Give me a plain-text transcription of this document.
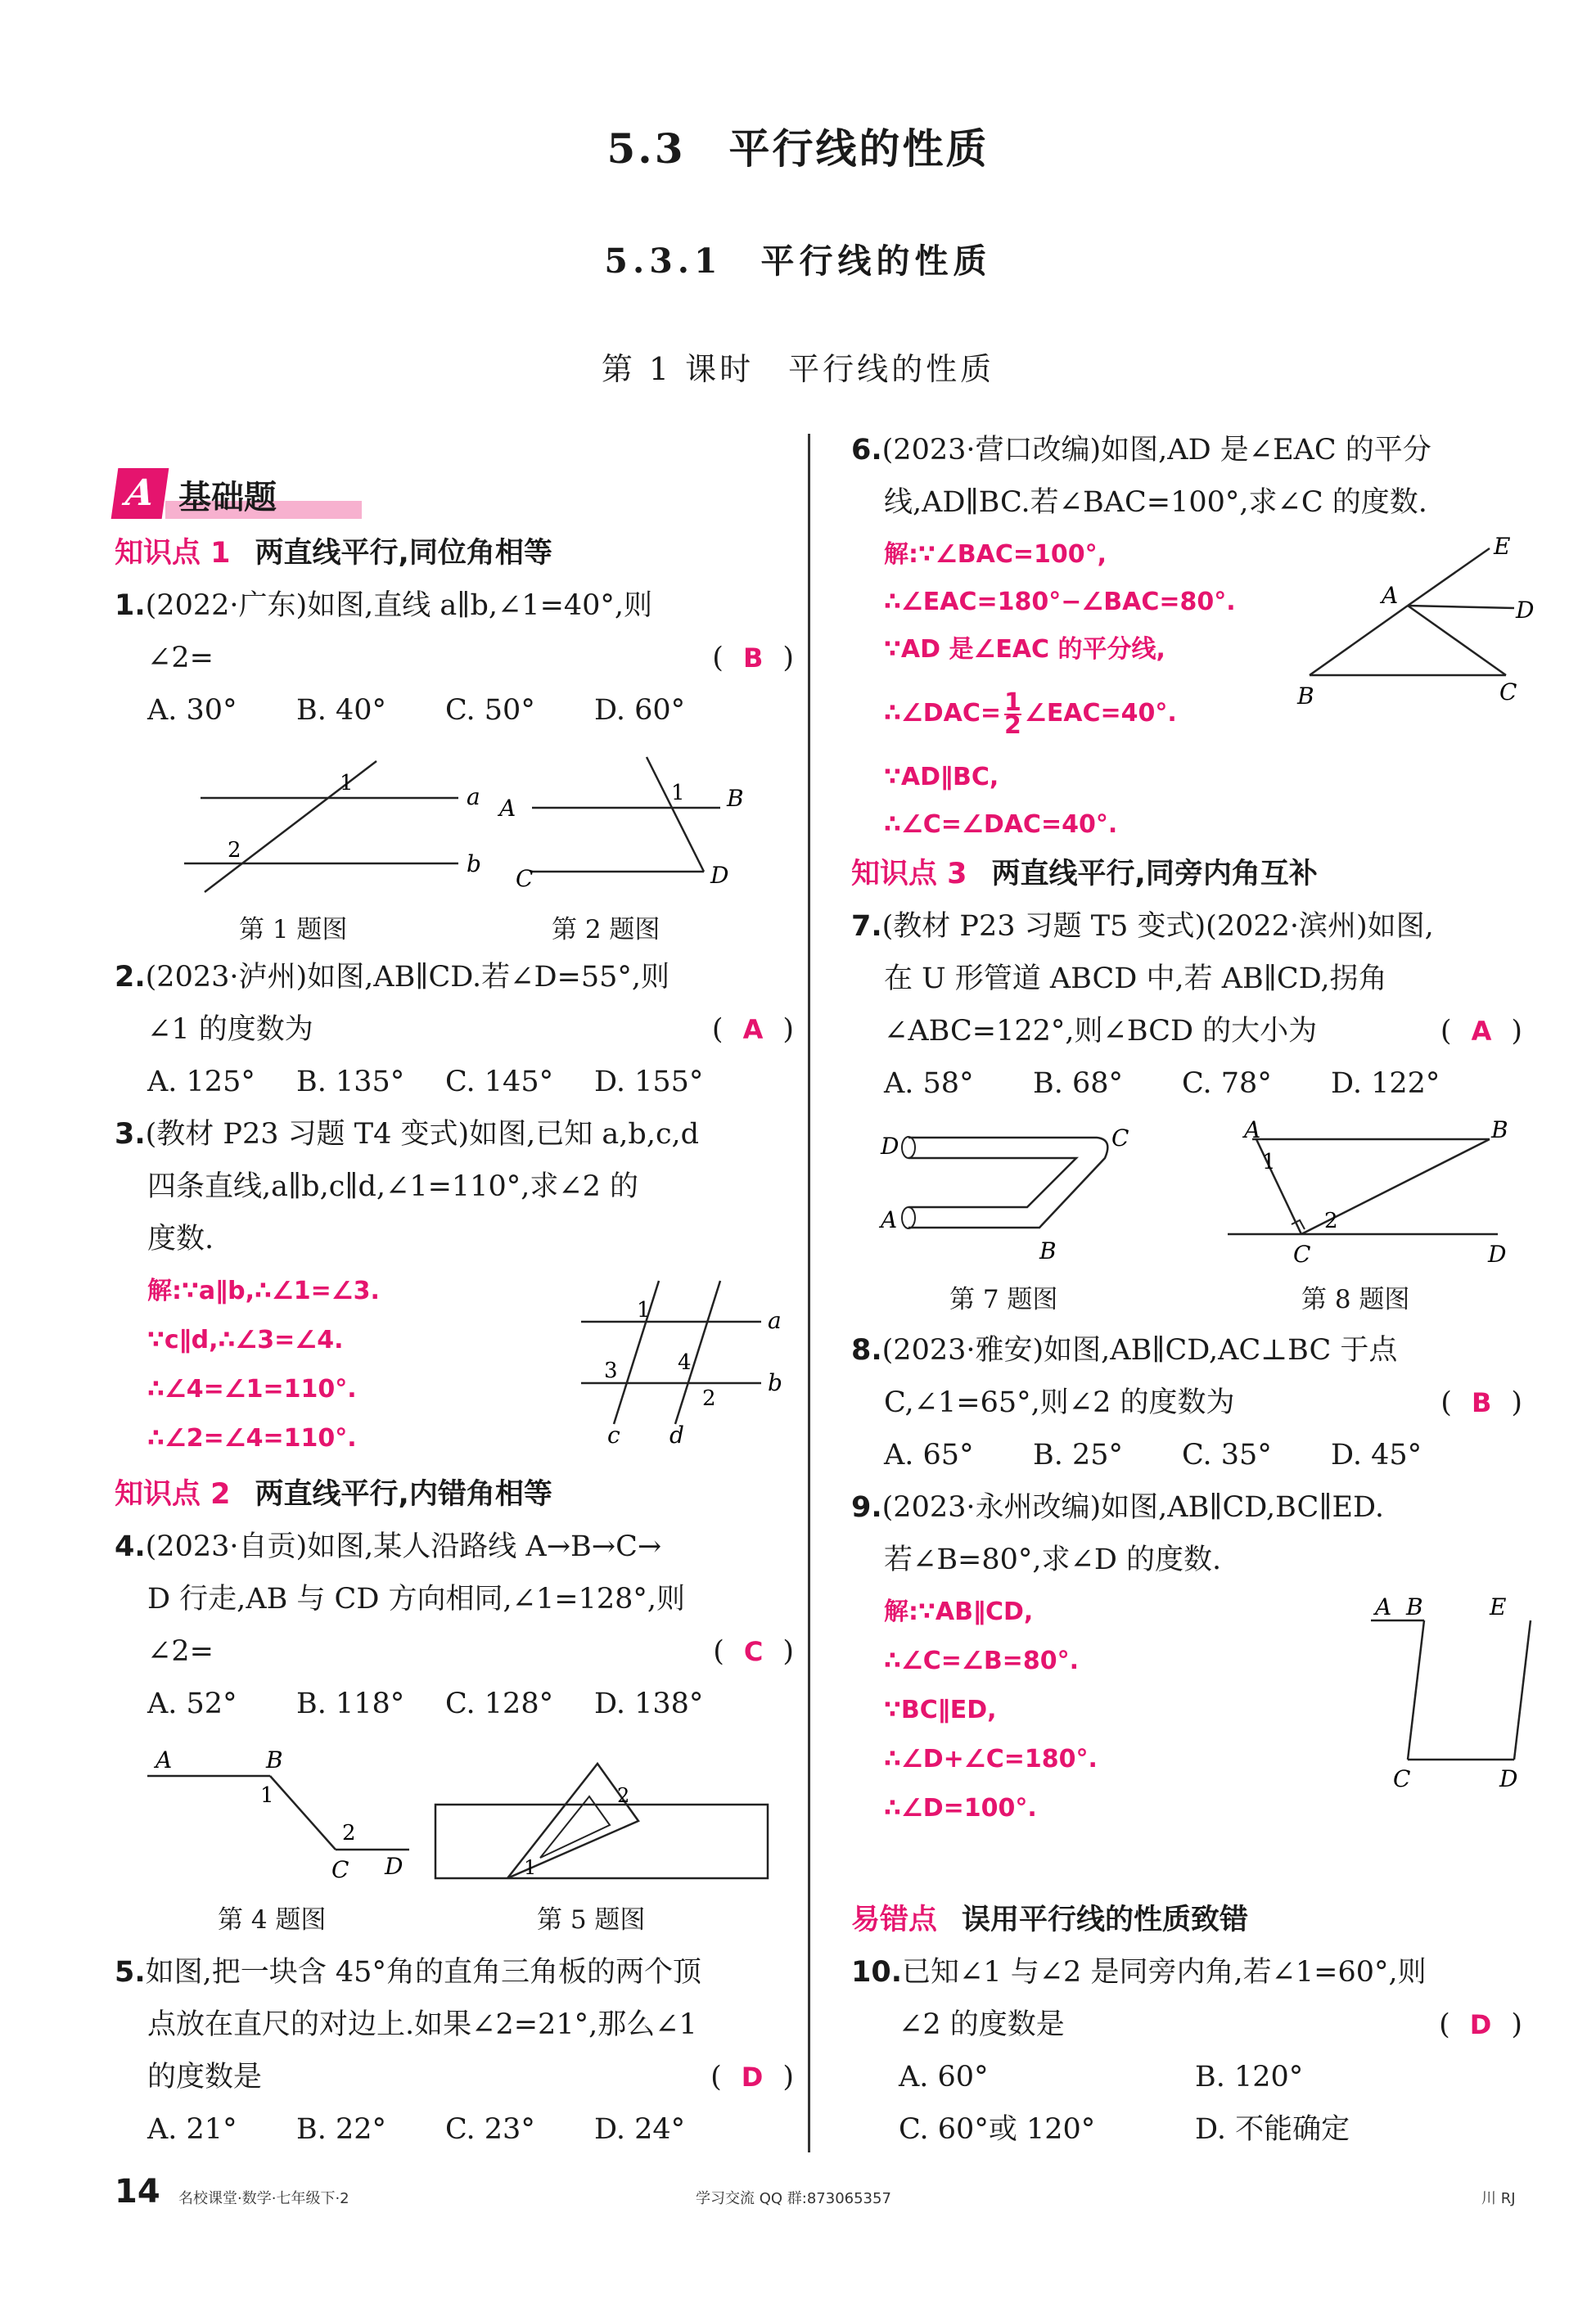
5.3　平行线的性质
5.3.1　平行线的性质
第 1 课时　平行线的性质
A 基础题
知识点 1 两直线平行,同位角相等
1.(2022·广东)如图,直线 a∥b,∠1=40°,则
∠2=	( B )
A. 30°	B. 40°	C. 50°	D. 60°
1
2
a
b
A	B
C	D
1
第 1 题图	第 2 题图
2.(2023·泸州)如图,AB∥CD.若∠D=55°,则
∠1 的度数为	( A )
A. 125°	B. 135°	C. 145°	D. 155°
3.(教材 P23 习题 T4 变式)如图,已知 a,b,c,d
四条直线,a∥b,c∥d,∠1=110°,求∠2 的
度数.
解:∵a∥b,∴∠1=∠3.
∵c∥d,∴∠3=∠4.
∴∠4=∠1=110°.
∴∠2=∠4=110°.
1
3	4
2
a
b
c d
知识点 2 两直线平行,内错角相等
4.(2023·自贡)如图,某人沿路线 A→B→C→
D 行走,AB 与 CD 方向相同,∠1=128°,则
∠2=	( C )
A. 52°	B. 118°	C. 128°	D. 138°
A	B
1
2
C D	1
2
第 4 题图	第 5 题图
5.如图,把一块含 45°角的直角三角板的两个顶
点放在直尺的对边上.如果∠2=21°,那么∠1
的度数是	( D )
A. 21°	B. 22°	C. 23°	D. 24°
6.(2023·营口改编)如图,AD 是∠EAC 的平分
线,AD∥BC.若∠BAC=100°,求∠C 的度数.
解:∵∠BAC=100°,
∴∠EAC=180°−∠BAC=80°.
∵AD 是∠EAC 的平分线,
∴∠DAC= $\frac{1}{2}$ ∠EAC=40°.
∵AD∥BC,
∴∠C=∠DAC=40°.
E
A
D
B	C
知识点 3 两直线平行,同旁内角互补
7.(教材 P23 习题 T5 变式)(2022·滨州)如图,
在 U 形管道 ABCD 中,若 AB∥CD,拐角
∠ABC=122°,则∠BCD 的大小为	( A )
A. 58°	B. 68°	C. 78°	D. 122°
D	C
A
B
A	B
1
2
C	D
第 7 题图	第 8 题图
8.(2023·雅安)如图,AB∥CD,AC⊥BC 于点
C,∠1=65°,则∠2 的度数为	( B )
A. 65°	B. 25°	C. 35°	D. 45°
9.(2023·永州改编)如图,AB∥CD,BC∥ED.
若∠B=80°,求∠D 的度数.
解:∵AB∥CD,
∴∠C=∠B=80°.
∵BC∥ED,
∴∠D+∠C=180°.
∴∠D=100°.
A B	E
C	D
易错点 误用平行线的性质致错
10.已知∠1 与∠2 是同旁内角,若∠1=60°,则
∠2 的度数是	( D )
A. 60°	B. 120°
C. 60°或 120°	D. 不能确定
14 名校课堂·数学·七年级下·2	学习交流 QQ 群:873065357	川 RJ
